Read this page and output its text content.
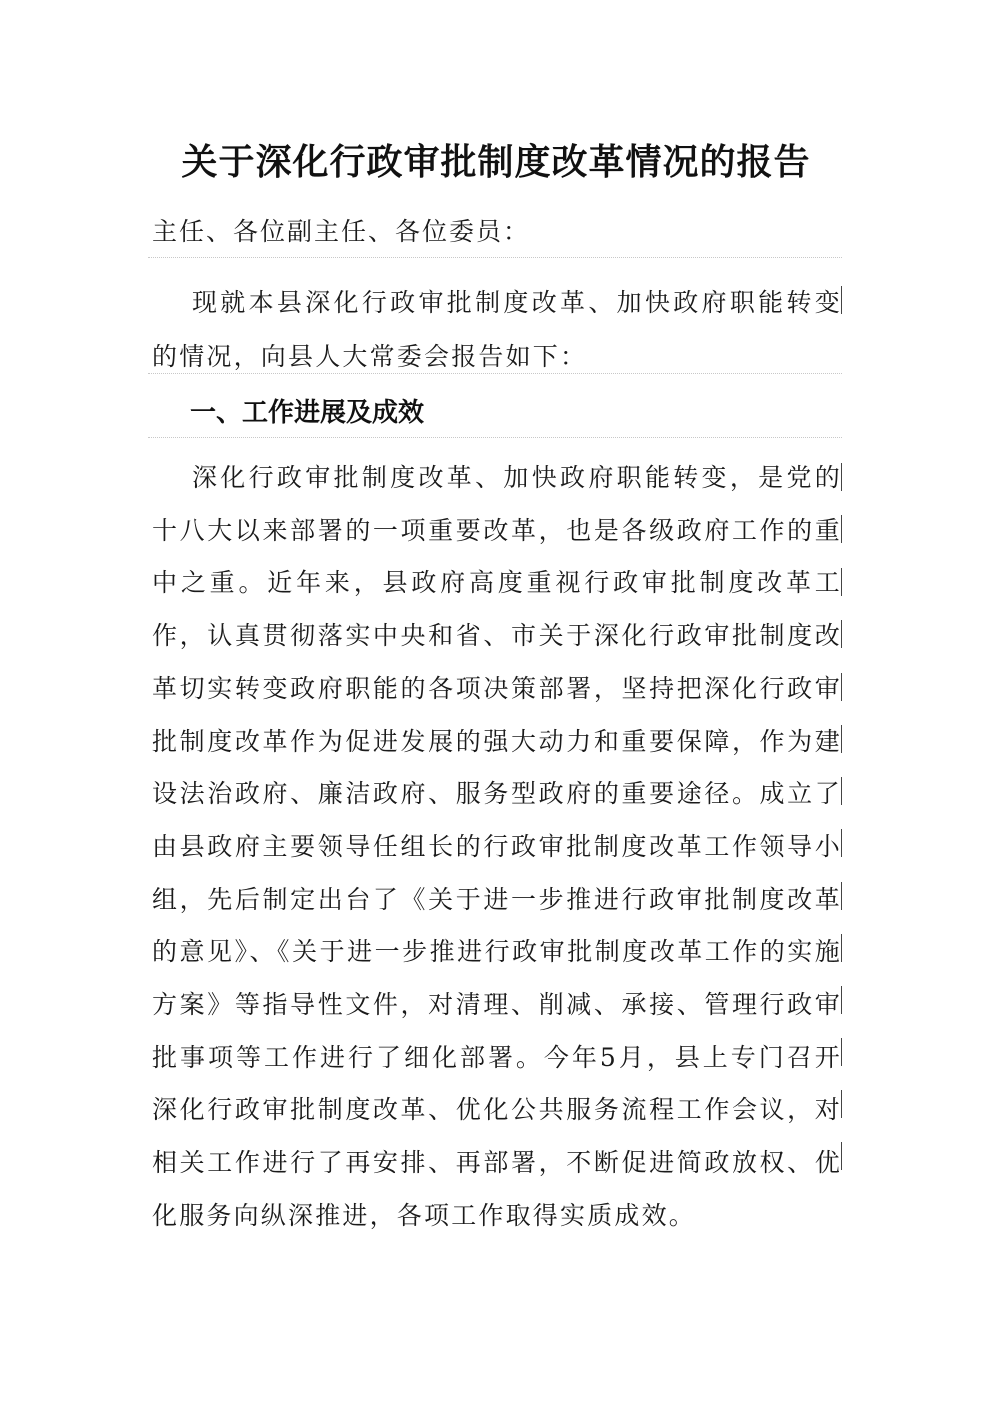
关于深化行政审批制度改革情况的报告

主任、各位副主任、各位委员：

现就本县深化行政审批制度改革、加快政府职能转变的情况，向县人大常委会报告如下：

一、工作进展及成效

深化行政审批制度改革、加快政府职能转变，是党的十八大以来部署的一项重要改革，也是各级政府工作的重中之重。近年来，县政府高度重视行政审批制度改革工作，认真贯彻落实中央和省、市关于深化行政审批制度改革切实转变政府职能的各项决策部署，坚持把深化行政审批制度改革作为促进发展的强大动力和重要保障，作为建设法治政府、廉洁政府、服务型政府的重要途径。成立了由县政府主要领导任组长的行政审批制度改革工作领导小组，先后制定出台了《关于进一步推进行政审批制度改革的意见》、《关于进一步推进行政审批制度改革工作的实施方案》等指导性文件，对清理、削减、承接、管理行政审批事项等工作进行了细化部署。今年5月，县上专门召开深化行政审批制度改革、优化公共服务流程工作会议，对相关工作进行了再安排、再部署，不断促进简政放权、优化服务向纵深推进，各项工作取得实质成效。
